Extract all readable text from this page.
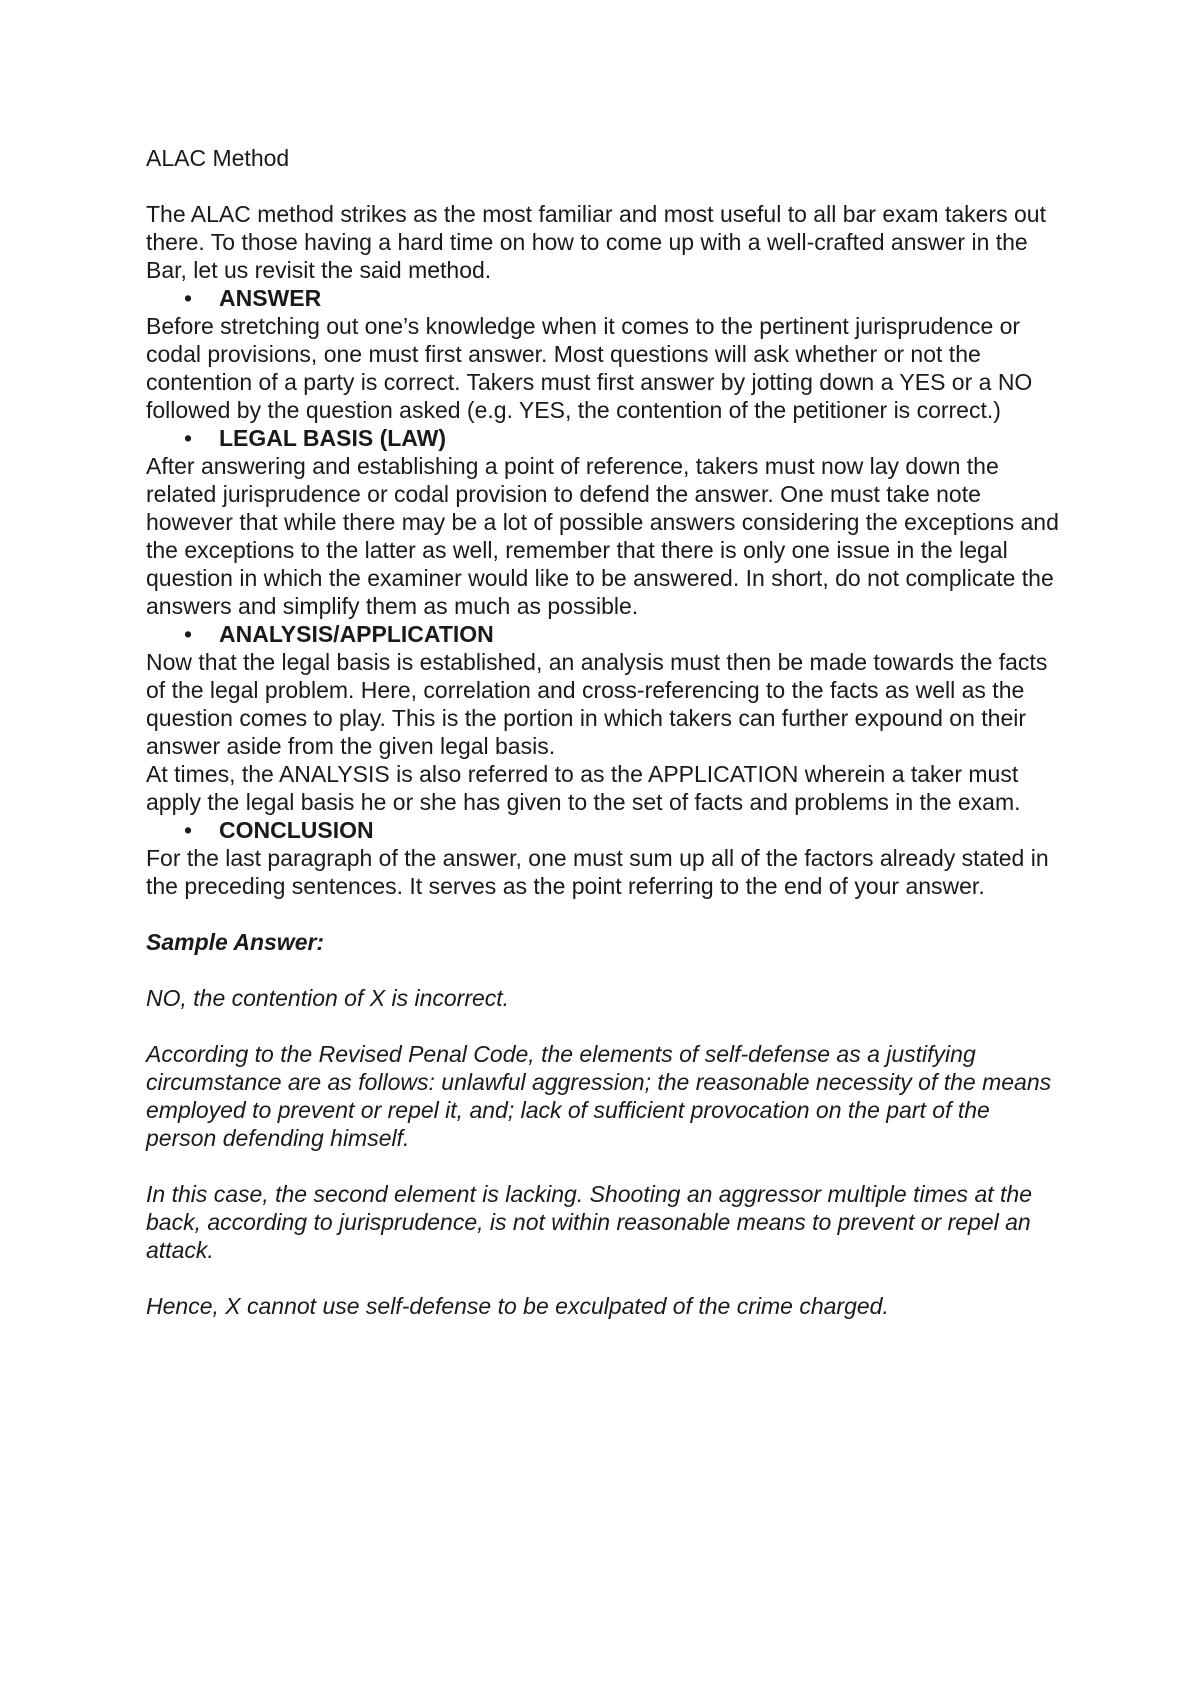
ALAC Method

The ALAC method strikes as the most familiar and most useful to all bar exam takers out there. To those having a hard time on how to come up with a well-crafted answer in the Bar, let us revisit the said method.

• ANSWER

Before stretching out one’s knowledge when it comes to the pertinent jurisprudence or codal provisions, one must first answer. Most questions will ask whether or not the contention of a party is correct. Takers must first answer by jotting down a YES or a NO followed by the question asked (e.g. YES, the contention of the petitioner is correct.)

• LEGAL BASIS (LAW)

After answering and establishing a point of reference, takers must now lay down the related jurisprudence or codal provision to defend the answer. One must take note however that while there may be a lot of possible answers considering the exceptions and the exceptions to the latter as well, remember that there is only one issue in the legal question in which the examiner would like to be answered. In short, do not complicate the answers and simplify them as much as possible.

• ANALYSIS/APPLICATION

Now that the legal basis is established, an analysis must then be made towards the facts of the legal problem. Here, correlation and cross-referencing to the facts as well as the question comes to play. This is the portion in which takers can further expound on their answer aside from the given legal basis.

At times, the ANALYSIS is also referred to as the APPLICATION wherein a taker must apply the legal basis he or she has given to the set of facts and problems in the exam.

• CONCLUSION

For the last paragraph of the answer, one must sum up all of the factors already stated in the preceding sentences. It serves as the point referring to the end of your answer.

Sample Answer:

NO, the contention of X is incorrect.

According to the Revised Penal Code, the elements of self-defense as a justifying circumstance are as follows: unlawful aggression; the reasonable necessity of the means employed to prevent or repel it, and; lack of sufficient provocation on the part of the person defending himself.

In this case, the second element is lacking. Shooting an aggressor multiple times at the back, according to jurisprudence, is not within reasonable means to prevent or repel an attack.

Hence, X cannot use self-defense to be exculpated of the crime charged.
